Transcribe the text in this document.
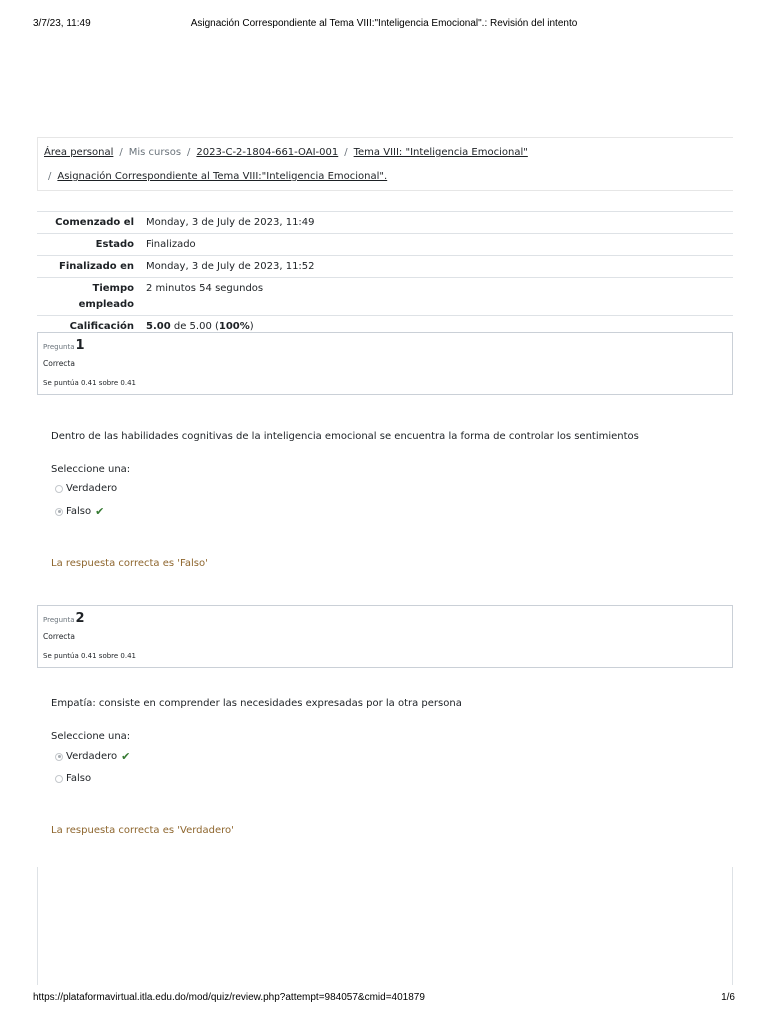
3/7/23, 11:49	Asignación Correspondiente al Tema VIII:"Inteligencia Emocional".: Revisión del intento
Área personal / Mis cursos / 2023-C-2-1804-661-OAI-001 / Tema VIII: "Inteligencia Emocional"
/ Asignación Correspondiente al Tema VIII:"Inteligencia Emocional".
Comenzado el	Monday, 3 de July de 2023, 11:49
Estado	Finalizado
Finalizado en	Monday, 3 de July de 2023, 11:52
Tiempo empleado	2 minutos 54 segundos
Calificación	5.00 de 5.00 (100%)
Pregunta1
Correcta
Se puntúa 0.41 sobre 0.41
Dentro de las habilidades cognitivas de la inteligencia emocional se encuentra la forma de controlar los sentimientos
Seleccione una:
Verdadero
Falso ✔
La respuesta correcta es 'Falso'
Pregunta2
Correcta
Se puntúa 0.41 sobre 0.41
Empatía: consiste en comprender las necesidades expresadas por la otra persona
Seleccione una:
Verdadero ✔
Falso
La respuesta correcta es 'Verdadero'
https://plataformavirtual.itla.edu.do/mod/quiz/review.php?attempt=984057&cmid=401879	1/6
